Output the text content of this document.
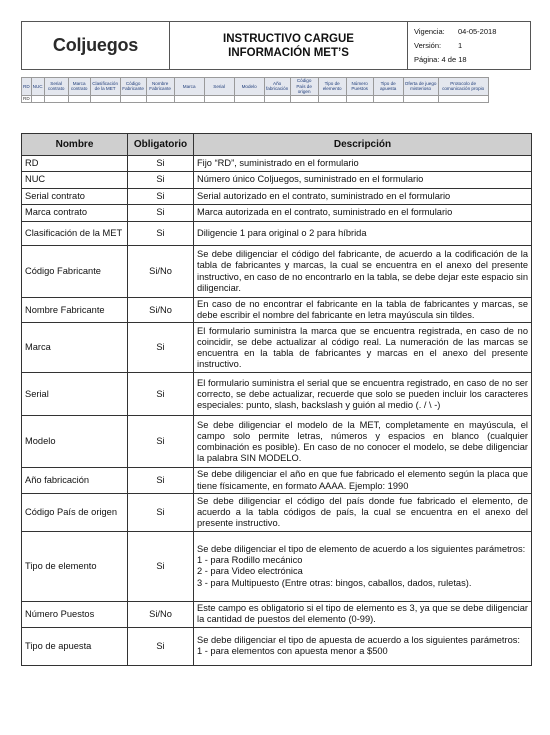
Coljuegos	INSTRUCTIVO CARGUE
INFORMACIÓN MET’S
Vigencia:	04-05-2018
Versión:	1
Página: 4 de 18
RD	NUC	Serial contrato	Marca contrato	Clasificación de la MET	Código Fabricante	Nombre Fabricante	Marca	Serial	Modelo	Año fabricación	Código País de origen	Tipo de elemento	Número Puestos	Tipo de apuesta	Oferta de juego misterioso	Protocolo de comunicación propio
RD																
Nombre	Obligatorio	Descripción
RD	Si	Fijo “RD”, suministrado en el formulario

NUC	Si	Número único Coljuegos, suministrado en el formulario

Serial contrato	Si	Serial autorizado en el contrato, suministrado en el formulario

Marca contrato	Si	Marca autorizada en el contrato, suministrado en el formulario

Clasificación de la MET	Si	Diligencie 1 para original o 2 para híbrida

Código Fabricante	Si/No	Se debe diligenciar el código del fabricante, de acuerdo a la codificación de la tabla de fabricantes y marcas, la cual se encuentra en el anexo del presente instructivo, en caso de no encontrarlo en la tabla, se debe dejar este espacio sin diligenciar.

Nombre Fabricante	Si/No	En caso de no encontrar el fabricante en la tabla de fabricantes y marcas, se debe escribir el nombre del fabricante en letra mayúscula sin tildes.

Marca	Si	El formulario suministra la marca que se encuentra registrada, en caso de no coincidir, se debe actualizar al código real. La numeración de las marcas se encuentra en la tabla de fabricantes y marcas en el anexo del presente instructivo.

Serial	Si	El formulario suministra el serial que se encuentra registrado, en caso de no ser correcto, se debe actualizar, recuerde que solo se pueden incluir los caracteres especiales: punto, slash, backslash y guión al medio (. / \ -)

Modelo	Si	Se debe diligenciar el modelo de la MET, completamente en mayúscula, el campo solo permite letras, números y espacios en blanco (cualquier combinación es posible). En caso de no conocer el modelo, se debe diligenciar la palabra SIN MODELO.

Año fabricación	Si	Se debe diligenciar el año en que fue fabricado el elemento según la placa que tiene físicamente, en formato AAAA. Ejemplo: 1990

Código País de origen	Si	Se debe diligenciar el código del país donde fue fabricado el elemento, de acuerdo a la tabla códigos de país, la cual se encuentra en el anexo del presente instructivo.

Tipo de elemento	Si	Se debe diligenciar el tipo de elemento de acuerdo a los siguientes parámetros:
1 - para Rodillo mecánico
2 - para Video electrónica
3 - para Multipuesto (Entre otras: bingos, caballos, dados, ruletas).

Número Puestos	Si/No	Este campo es obligatorio si el tipo de elemento es 3, ya que se debe diligenciar la cantidad de puestos del elemento (0-99).

Tipo de apuesta	Si	Se debe diligenciar el tipo de apuesta de acuerdo a los siguientes parámetros:
1 - para elementos con apuesta menor a $500
